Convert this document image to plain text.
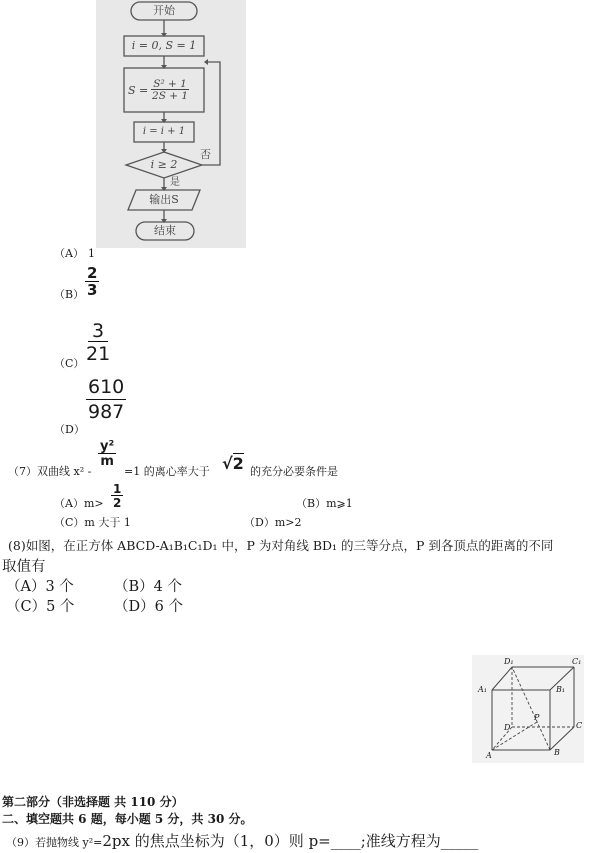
开始
i = 0, S = 1
$S = \frac{\text{S² + 1}}{2S + 1}$
i = i + 1
i ≥ 2
否
是
输出S
结束
（A） 1
$(B) \frac{2}{3}$
$(C) \frac{3}{21}$
（D）
$\frac{610}{987}$
（7）双曲线 x² -
$\frac{\text{y²}}{m}$
=1 的离心率大于 √2 的充分必要条件是
$(A)m> \frac{1}{2}$	（B）m⩾1
（C）m 大于 1	（D）m>2
(8)如图，在正方体 ABCD-A₁B₁C₁D₁ 中，P 为对角线 BD₁ 的三等分点，P 到各顶点的距离的不同
取值有
（A）3 个	（B）4 个
（C）5 个	（D）6 个
D₁	C₁
A₁	B₁
P
D	C
A	B
第二部分（非选择题 共 110 分）
二、填空题共 6 题，每小题 5 分，共 30 分。
（9）若抛物线 y²=2px 的焦点坐标为（1，0）则 p=____;准线方程为_____
